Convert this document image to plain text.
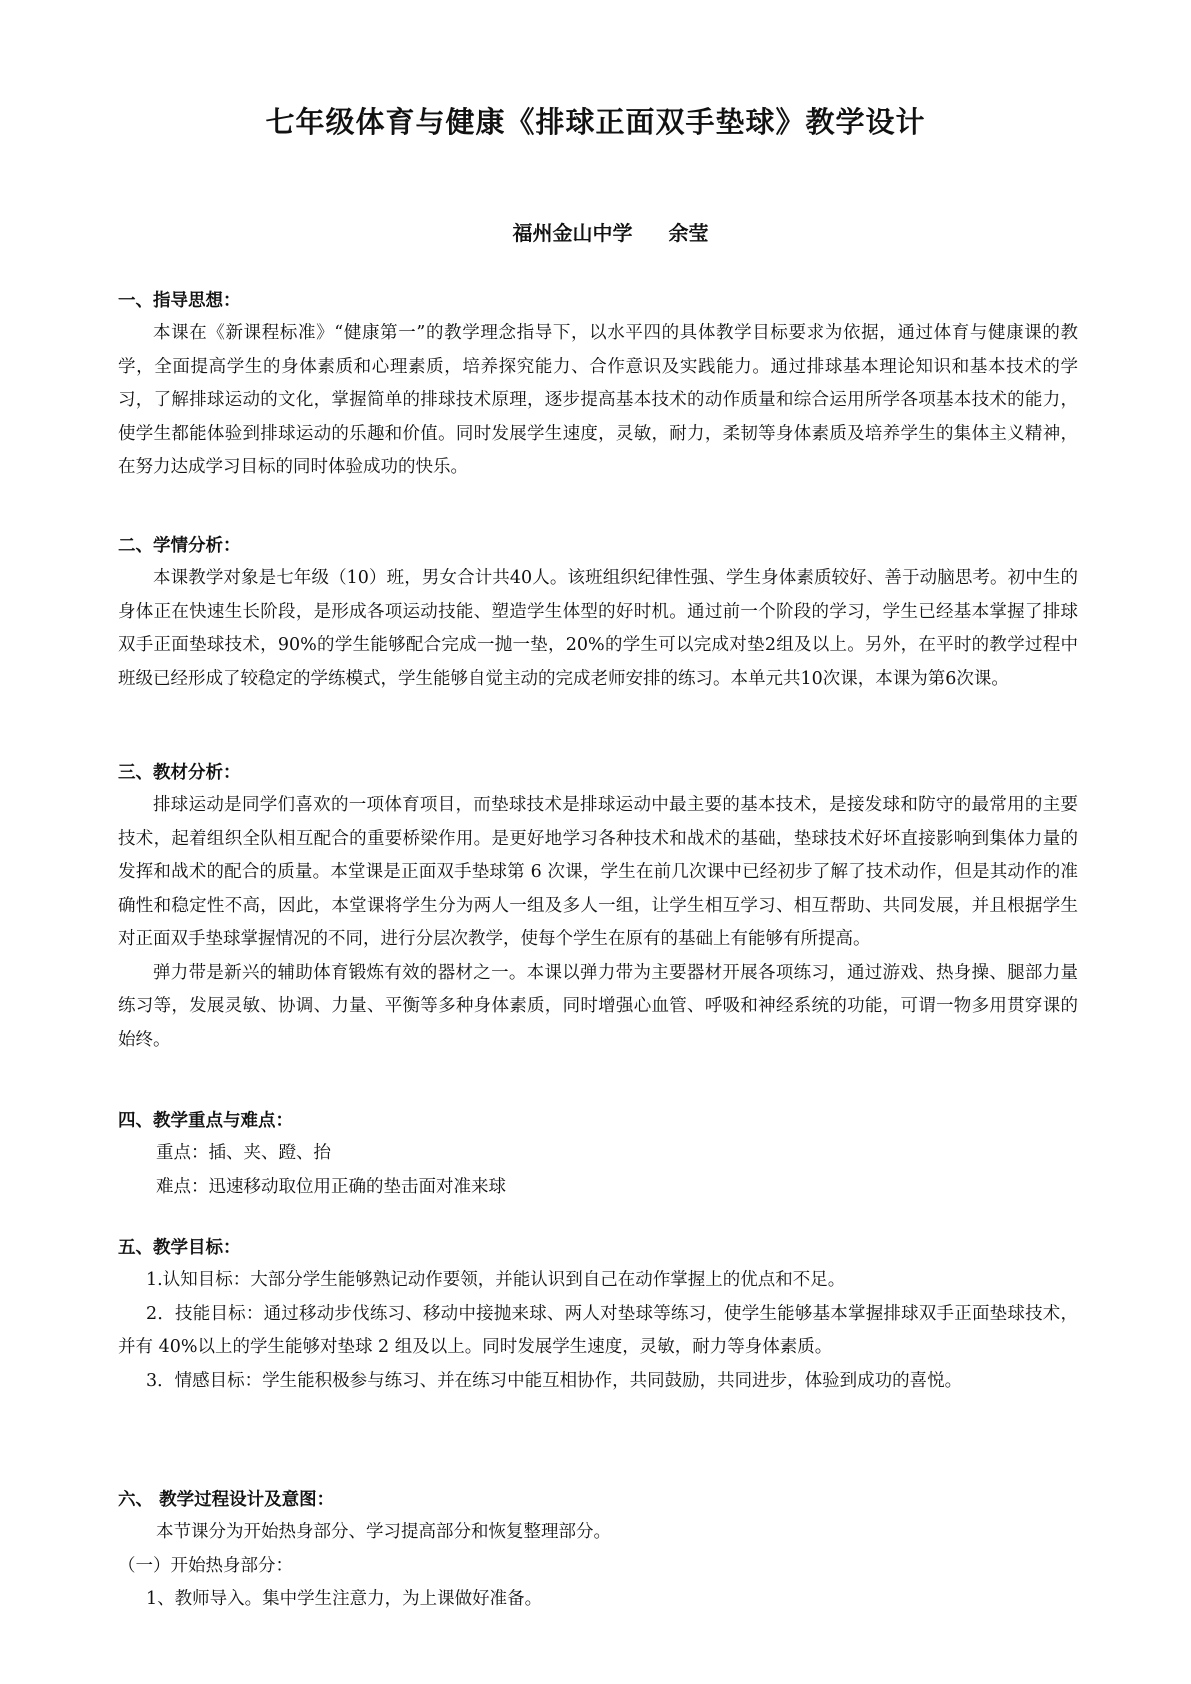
七年级体育与健康《排球正面双手垫球》教学设计
福州金山中学 余莹
一、指导思想：

本课在《新课程标准》“健康第一”的教学理念指导下，以水平四的具体教学目标要求为依据，通过体育与健康课的教学，全面提高学生的身体素质和心理素质，培养探究能力、合作意识及实践能力。通过排球基本理论知识和基本技术的学习，了解排球运动的文化，掌握简单的排球技术原理，逐步提高基本技术的动作质量和综合运用所学各项基本技术的能力，使学生都能体验到排球运动的乐趣和价值。同时发展学生速度，灵敏，耐力，柔韧等身体素质及培养学生的集体主义精神，在努力达成学习目标的同时体验成功的快乐。

二、学情分析：

本课教学对象是七年级（10）班，男女合计共40人。该班组织纪律性强、学生身体素质较好、善于动脑思考。初中生的身体正在快速生长阶段，是形成各项运动技能、塑造学生体型的好时机。通过前一个阶段的学习，学生已经基本掌握了排球双手正面垫球技术，90%的学生能够配合完成一抛一垫，20%的学生可以完成对垫2组及以上。另外，在平时的教学过程中班级已经形成了较稳定的学练模式，学生能够自觉主动的完成老师安排的练习。本单元共10次课，本课为第6次课。

三、教材分析：

排球运动是同学们喜欢的一项体育项目，而垫球技术是排球运动中最主要的基本技术，是接发球和防守的最常用的主要技术，起着组织全队相互配合的重要桥梁作用。是更好地学习各种技术和战术的基础，垫球技术好坏直接影响到集体力量的发挥和战术的配合的质量。本堂课是正面双手垫球第 6 次课，学生在前几次课中已经初步了解了技术动作，但是其动作的准确性和稳定性不高，因此，本堂课将学生分为两人一组及多人一组，让学生相互学习、相互帮助、共同发展，并且根据学生对正面双手垫球掌握情况的不同，进行分层次教学，使每个学生在原有的基础上有能够有所提高。

弹力带是新兴的辅助体育锻炼有效的器材之一。本课以弹力带为主要器材开展各项练习，通过游戏、热身操、腿部力量练习等，发展灵敏、协调、力量、平衡等多种身体素质，同时增强心血管、呼吸和神经系统的功能，可谓一物多用贯穿课的始终。

四、教学重点与难点：
重点：插、夹、蹬、抬
难点：迅速移动取位用正确的垫击面对准来球
五、教学目标：

1.认知目标：大部分学生能够熟记动作要领，并能认识到自己在动作掌握上的优点和不足。

2．技能目标：通过移动步伐练习、移动中接抛来球、两人对垫球等练习，使学生能够基本掌握排球双手正面垫球技术，并有 40%以上的学生能够对垫球 2 组及以上。同时发展学生速度，灵敏，耐力等身体素质。

3．情感目标：学生能积极参与练习、并在练习中能互相协作，共同鼓励，共同进步，体验到成功的喜悦。

六、 教学过程设计及意图：
本节课分为开始热身部分、学习提高部分和恢复整理部分。
（一）开始热身部分：
1、教师导入。集中学生注意力，为上课做好准备。
